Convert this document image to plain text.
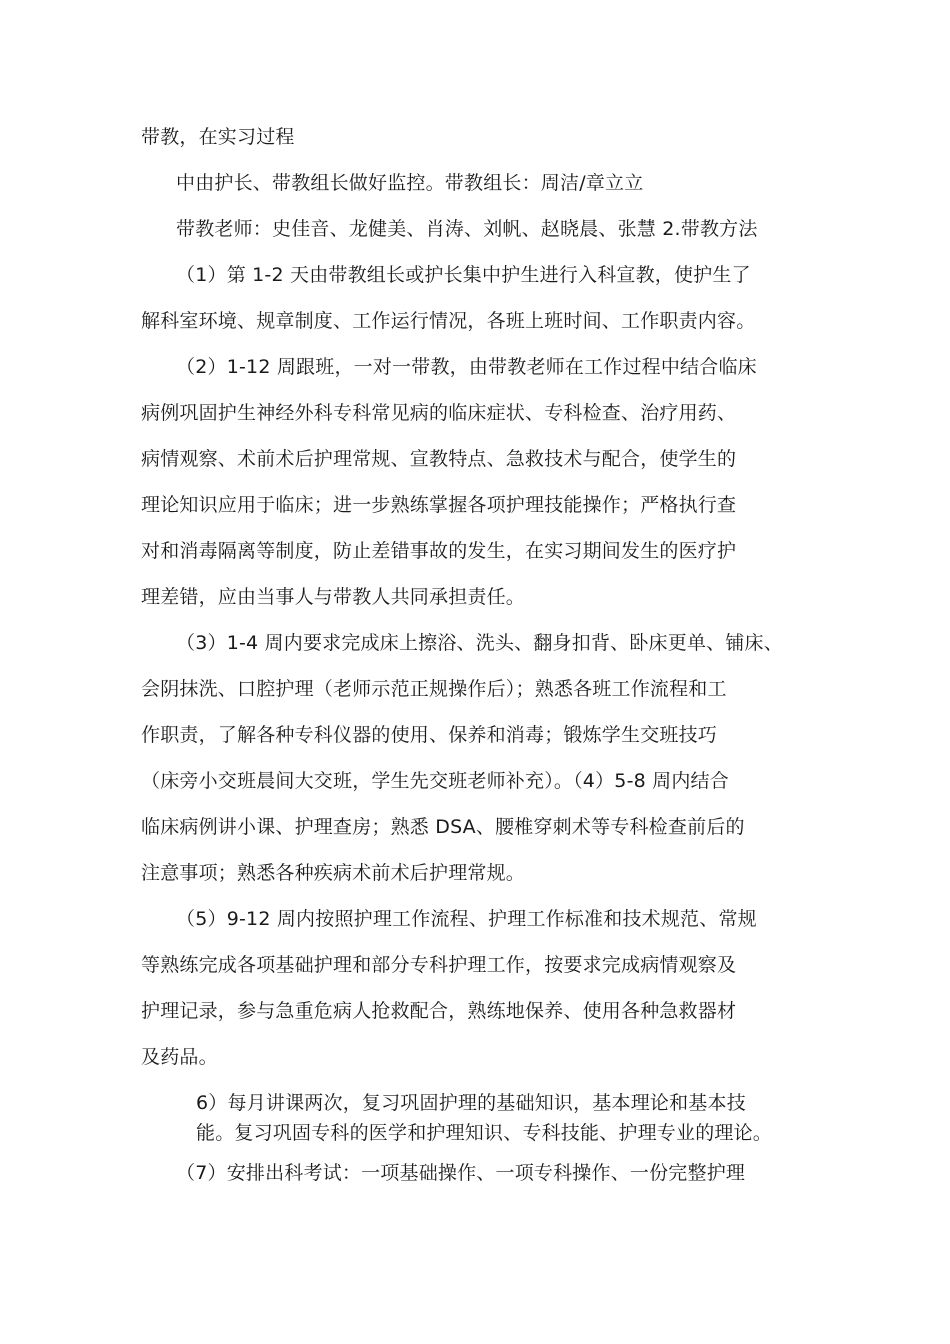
带教，在实习过程
中由护长、带教组长做好监控。带教组长：周洁/章立立
带教老师：史佳音、龙健美、肖涛、刘帆、赵晓晨、张慧 2.带教方法
（1）第 1-2 天由带教组长或护长集中护生进行入科宣教，使护生了
解科室环境、规章制度、工作运行情况，各班上班时间、工作职责内容。
（2）1-12 周跟班，一对一带教，由带教老师在工作过程中结合临床
病例巩固护生神经外科专科常见病的临床症状、专科检查、治疗用药、
病情观察、术前术后护理常规、宣教特点、急救技术与配合，使学生的
理论知识应用于临床；进一步熟练掌握各项护理技能操作；严格执行查
对和消毒隔离等制度，防止差错事故的发生，在实习期间发生的医疗护
理差错，应由当事人与带教人共同承担责任。
（3）1-4 周内要求完成床上擦浴、洗头、翻身扣背、卧床更单、铺床、
会阴抹洗、口腔护理（老师示范正规操作后）；熟悉各班工作流程和工
作职责，了解各种专科仪器的使用、保养和消毒；锻炼学生交班技巧
（床旁小交班晨间大交班，学生先交班老师补充）。（4）5-8 周内结合
临床病例讲小课、护理查房；熟悉 DSA、腰椎穿刺术等专科检查前后的
注意事项；熟悉各种疾病术前术后护理常规。
（5）9-12 周内按照护理工作流程、护理工作标准和技术规范、常规
等熟练完成各项基础护理和部分专科护理工作，按要求完成病情观察及
护理记录，参与急重危病人抢救配合，熟练地保养、使用各种急救器材
及药品。
6）每月讲课两次，复习巩固护理的基础知识，基本理论和基本技
能。复习巩固专科的医学和护理知识、专科技能、护理专业的理论。
（7）安排出科考试：一项基础操作、一项专科操作、一份完整护理
